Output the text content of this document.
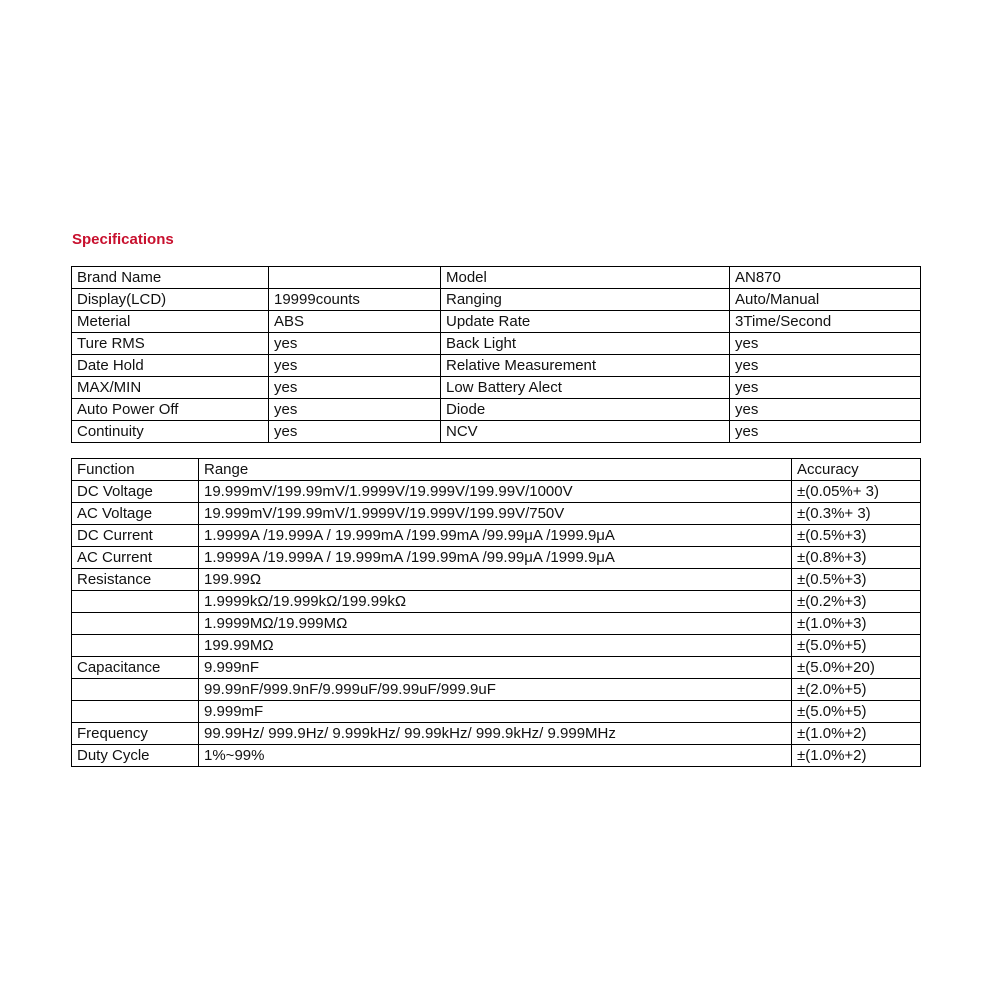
Specifications
Brand Name		Model	AN870
Display(LCD)	19999counts	Ranging	Auto/Manual
Meterial	ABS	Update Rate	3Time/Second
Ture RMS	yes	Back Light	yes
Date Hold	yes	Relative Measurement	yes
MAX/MIN	yes	Low Battery Alect	yes
Auto Power Off	yes	Diode	yes
Continuity	yes	NCV	yes
Function	Range	Accuracy
DC Voltage	19.999mV/199.99mV/1.9999V/19.999V/199.99V/1000V	±(0.05%+ 3)
AC Voltage	19.999mV/199.99mV/1.9999V/19.999V/199.99V/750V	±(0.3%+ 3)
DC Current	1.9999A /19.999A / 19.999mA /199.99mA /99.99μA /1999.9μA	±(0.5%+3)
AC Current	1.9999A /19.999A / 19.999mA /199.99mA /99.99μA /1999.9μA	±(0.8%+3)
Resistance	199.99Ω	±(0.5%+3)
	1.9999kΩ/19.999kΩ/199.99kΩ	±(0.2%+3)
	1.9999MΩ/19.999MΩ	±(1.0%+3)
	199.99MΩ	±(5.0%+5)
Capacitance	9.999nF	±(5.0%+20)
	99.99nF/999.9nF/9.999uF/99.99uF/999.9uF	±(2.0%+5)
	9.999mF	±(5.0%+5)
Frequency	99.99Hz/ 999.9Hz/ 9.999kHz/ 99.99kHz/ 999.9kHz/ 9.999MHz	±(1.0%+2)
Duty Cycle	1%~99%	±(1.0%+2)
